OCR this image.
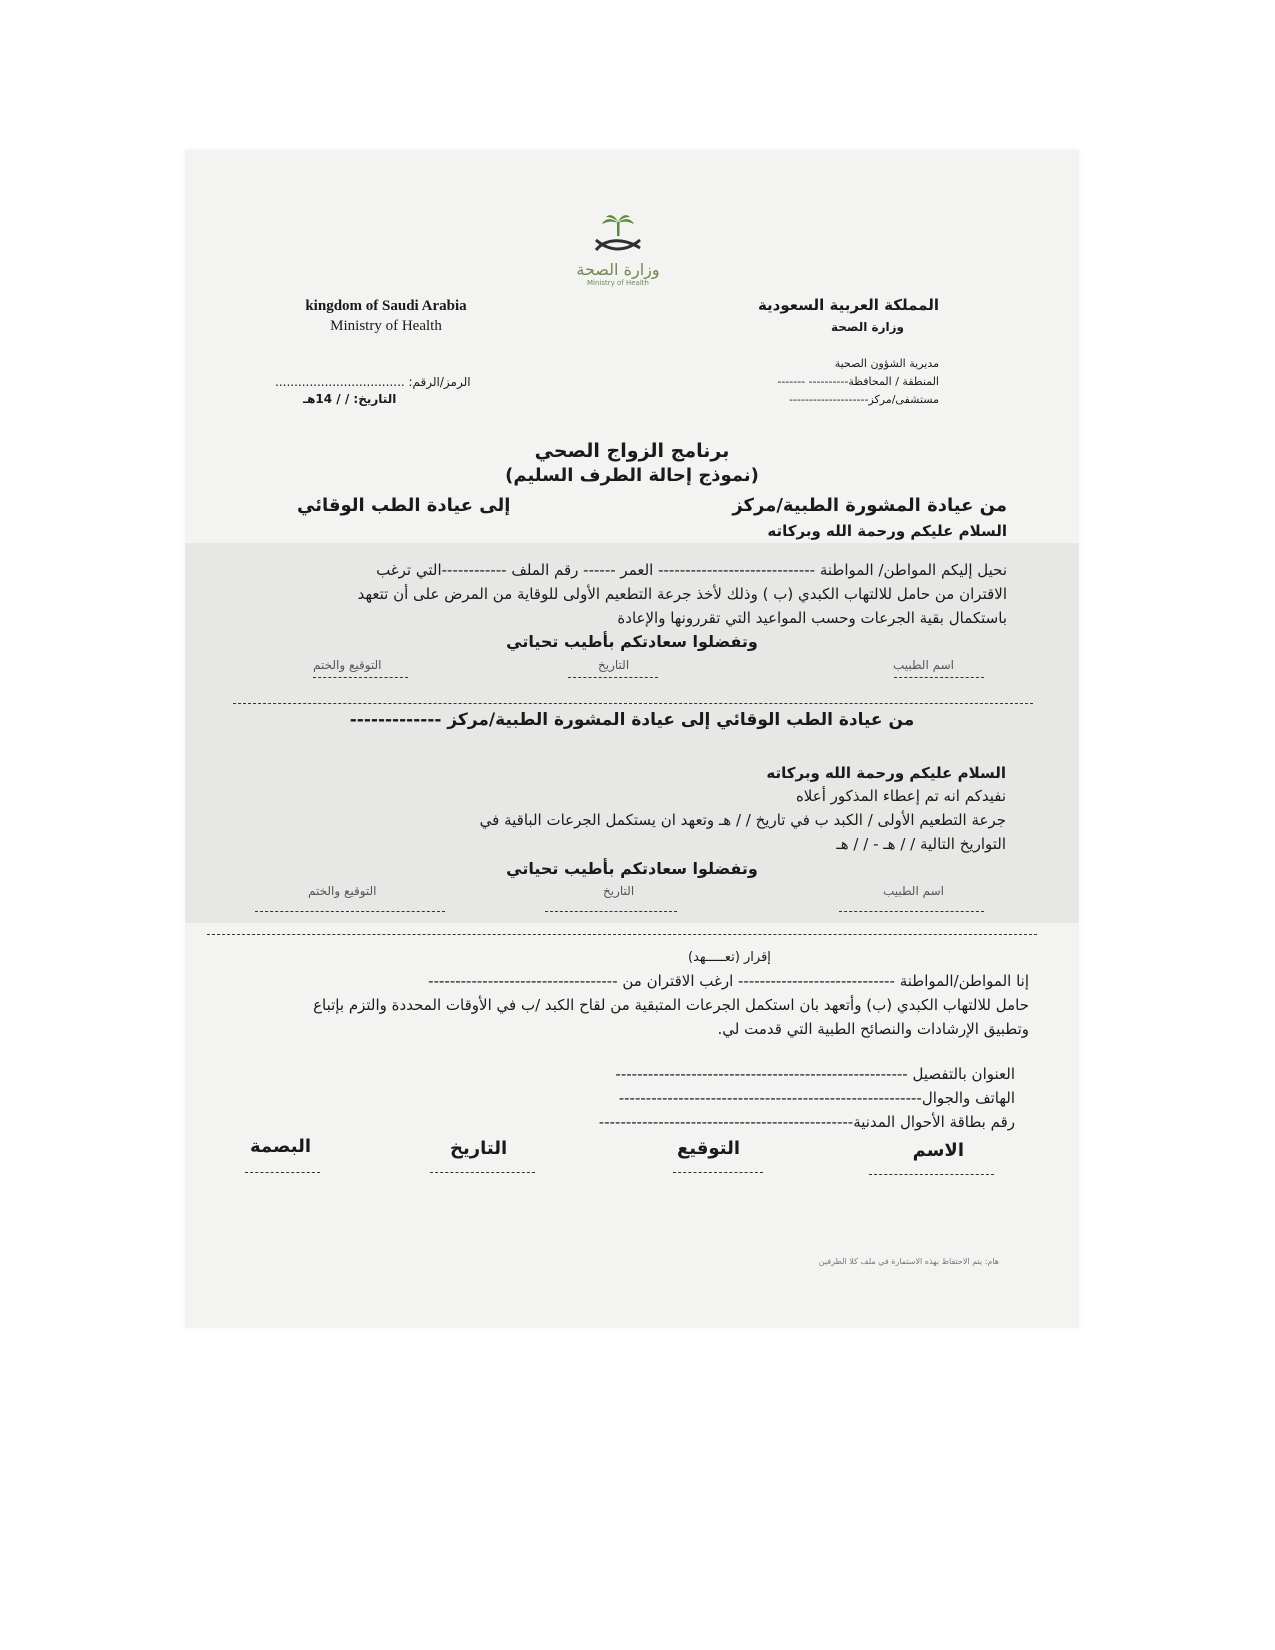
وزارة الصحة
Ministry of Health
kingdom of Saudi Arabia
Ministry of Health
المملكة العربية السعودية
وزارة الصحة
مديرية الشؤون الصحية
المنطقة / المحافظة---------- -------
مستشفى/مركز--------------------
الرمز/الرقم: ..................................
التاريخ: / / 14هـ
برنامج الزواج الصحي
(نموذج إحالة الطرف السليم)
من عيادة المشورة الطبية/مركز
إلى عيادة الطب الوقائي
السلام عليكم ورحمة الله وبركاته
نحيل إليكم المواطن/ المواطنة ----------------------------- العمر ------ رقم الملف ------------التي ترغب
الاقتران من حامل للالتهاب الكبدي (ب ) وذلك لأخذ جرعة التطعيم الأولى للوقاية من المرض على أن تتعهد
باستكمال بقية الجرعات وحسب المواعيد التي تقررونها والإعادة
وتفضلوا سعادتكم بأطيب تحياتي
اسم الطبيب
التاريخ
التوقيع والختم
من عيادة الطب الوقائي إلى عيادة المشورة الطبية/مركز -------------
السلام عليكم ورحمة الله وبركاته
نفيدكم انه تم إعطاء المذكور أعلاه
جرعة التطعيم الأولى / الكبد ب في تاريخ / / هـ وتعهد ان يستكمل الجرعات الباقية في
التواريخ التالية / / هـ - / / هـ
وتفضلوا سعادتكم بأطيب تحياتي
اسم الطبيب
التاريخ
التوقيع والختم
إقرار (تعـــــهد)
إنا المواطن/المواطنة ----------------------------- ارغب الاقتران من -----------------------------------
حامل للالتهاب الكبدي (ب) وأتعهد بان استكمل الجرعات المتبقية من لقاح الكبد /ب في الأوقات المحددة والتزم بإتباع
وتطبيق الإرشادات والنصائح الطبية التي قدمت لي.
العنوان بالتفصيل ------------------------------------------------------
الهاتف والجوال--------------------------------------------------------
رقم بطاقة الأحوال المدنية-----------------------------------------------
الاسم
التوقيع
التاريخ
البصمة
هام: يتم الاحتفاظ بهذه الاستمارة في ملف كلا الطرفين
